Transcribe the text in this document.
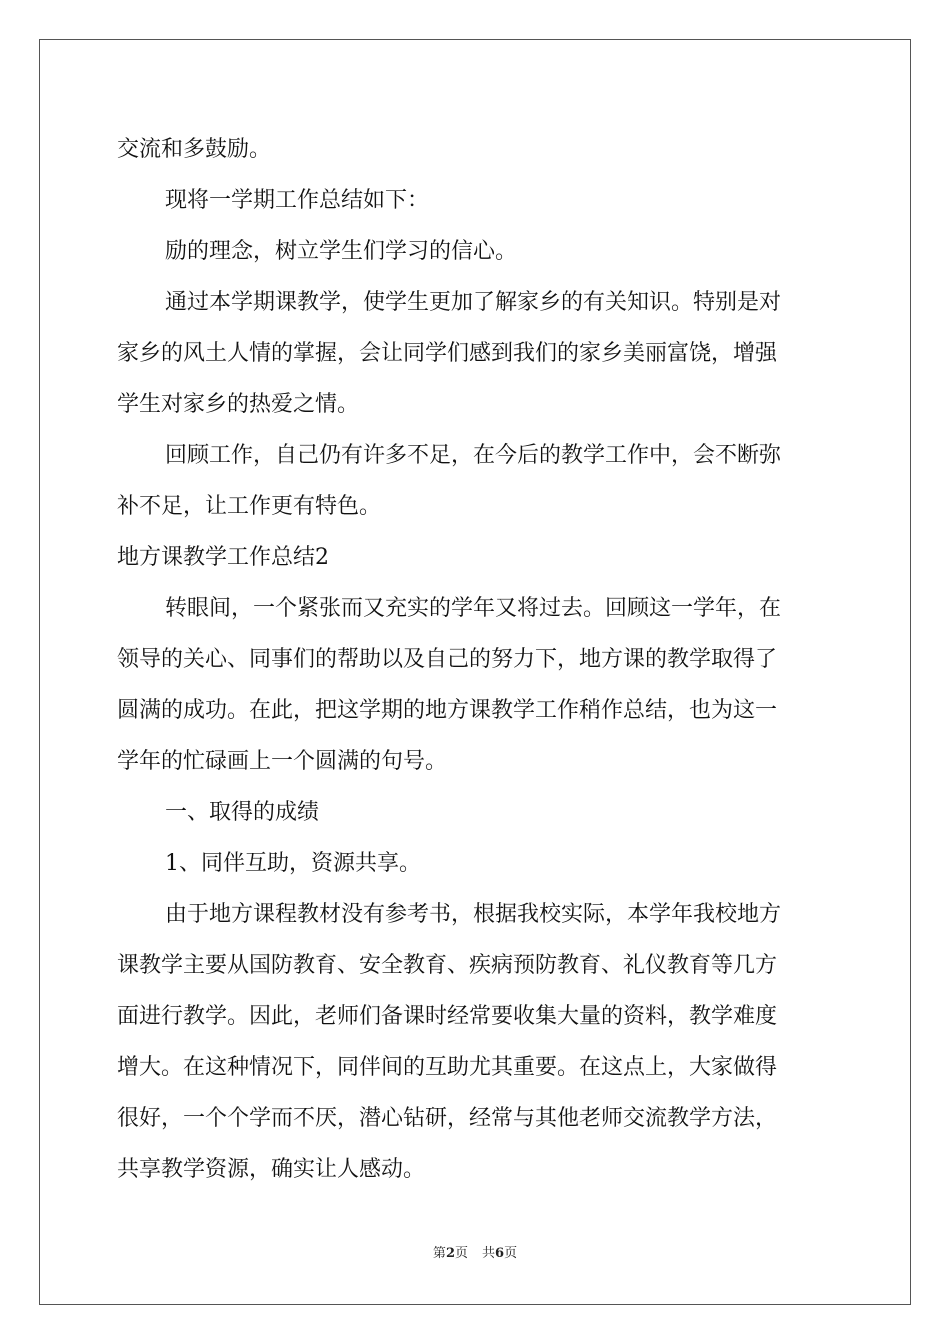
交流和多鼓励。
现将一学期工作总结如下：
励的理念，树立学生们学习的信心。
通过本学期课教学，使学生更加了解家乡的有关知识。特别是对
家乡的风土人情的掌握，会让同学们感到我们的家乡美丽富饶，增强
学生对家乡的热爱之情。
回顾工作，自己仍有许多不足，在今后的教学工作中，会不断弥
补不足，让工作更有特色。
地方课教学工作总结2
转眼间，一个紧张而又充实的学年又将过去。回顾这一学年，在
领导的关心、同事们的帮助以及自己的努力下，地方课的教学取得了
圆满的成功。在此，把这学期的地方课教学工作稍作总结，也为这一
学年的忙碌画上一个圆满的句号。
一、取得的成绩
1、同伴互助，资源共享。
由于地方课程教材没有参考书，根据我校实际，本学年我校地方
课教学主要从国防教育、安全教育、疾病预防教育、礼仪教育等几方
面进行教学。因此，老师们备课时经常要收集大量的资料，教学难度
增大。在这种情况下，同伴间的互助尤其重要。在这点上，大家做得
很好，一个个学而不厌，潜心钻研，经常与其他老师交流教学方法，
共享教学资源，确实让人感动。
第2页 共6页
